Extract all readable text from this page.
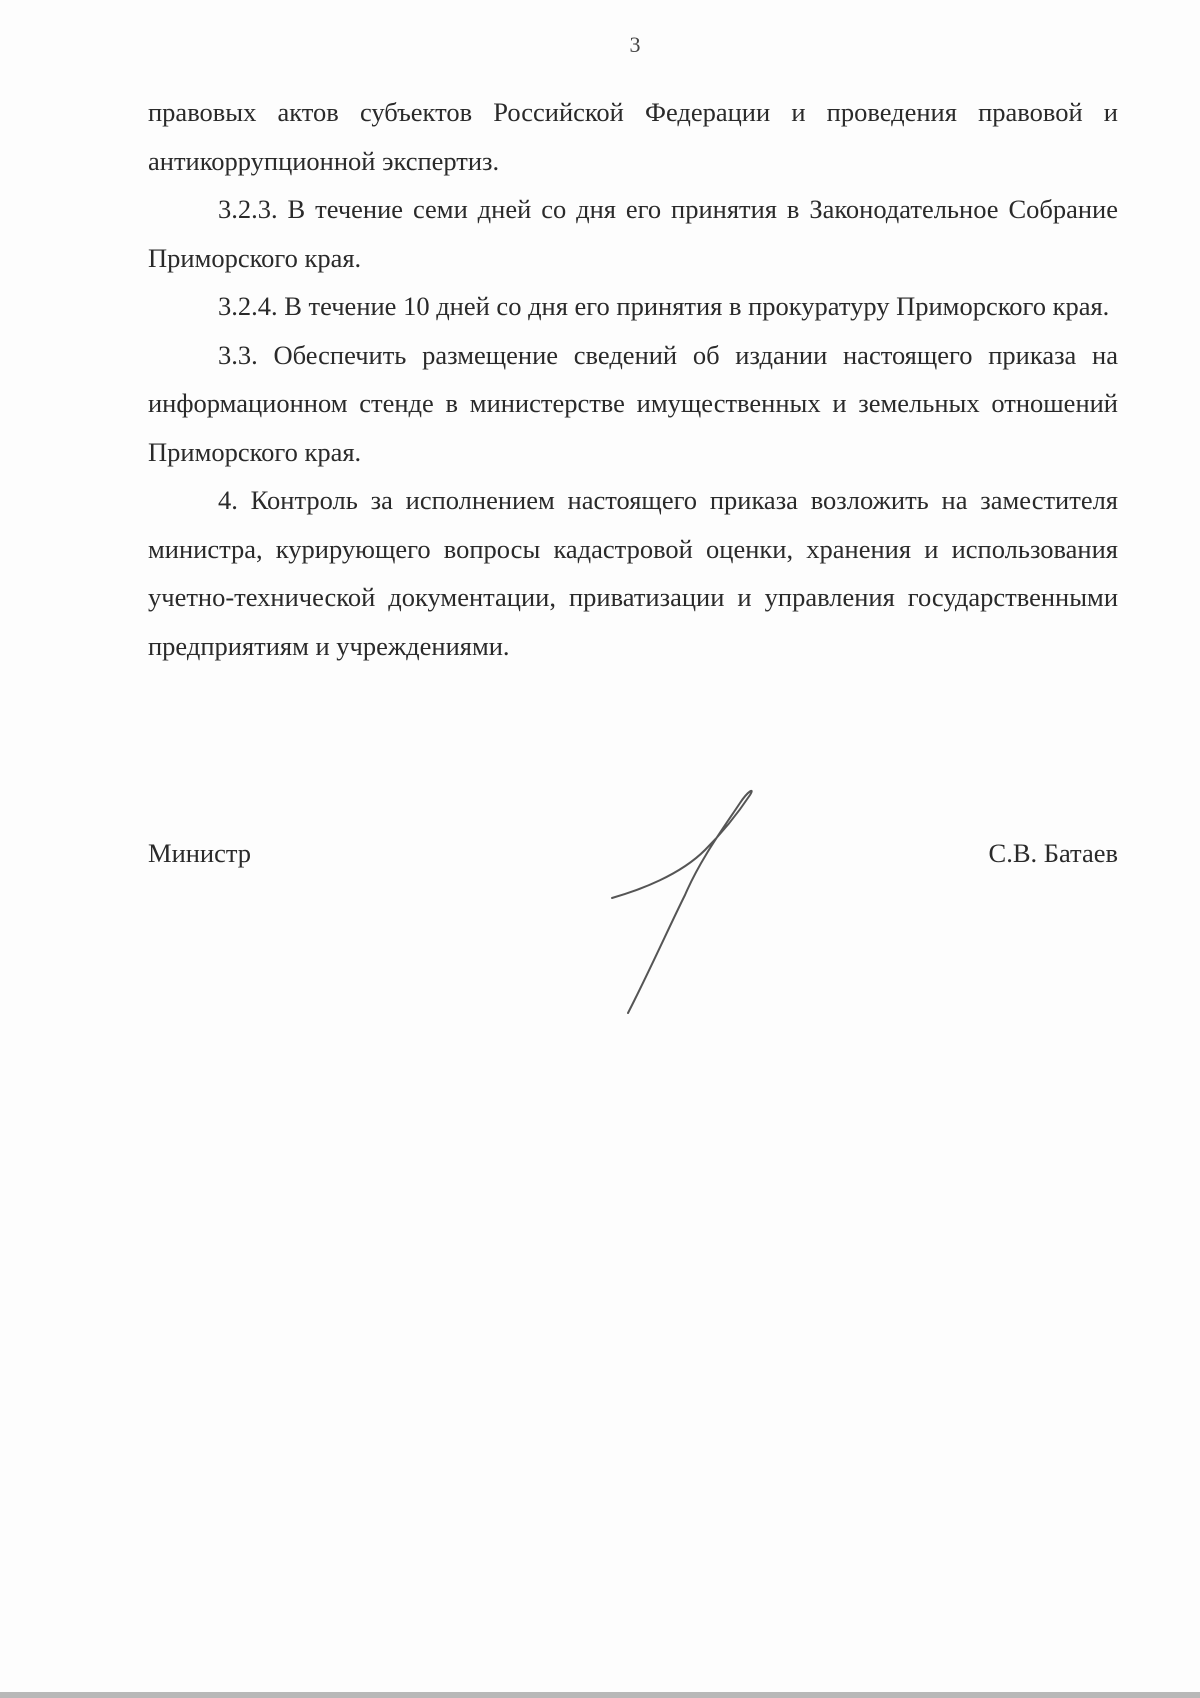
3

правовых актов субъектов Российской Федерации и проведения правовой и антикоррупционной экспертиз.

3.2.3. В течение семи дней со дня его принятия в Законодательное Собрание Приморского края.

3.2.4. В течение 10 дней со дня его принятия в прокуратуру Приморского края.

3.3. Обеспечить размещение сведений об издании настоящего приказа на информационном стенде в министерстве имущественных и земельных отношений Приморского края.

4. Контроль за исполнением настоящего приказа возложить на заместителя министра, курирующего вопросы кадастровой оценки, хранения и использования учетно-технической документации, приватизации и управления государственными предприятиям и учреждениями.

Министр	С.В. Батаев
